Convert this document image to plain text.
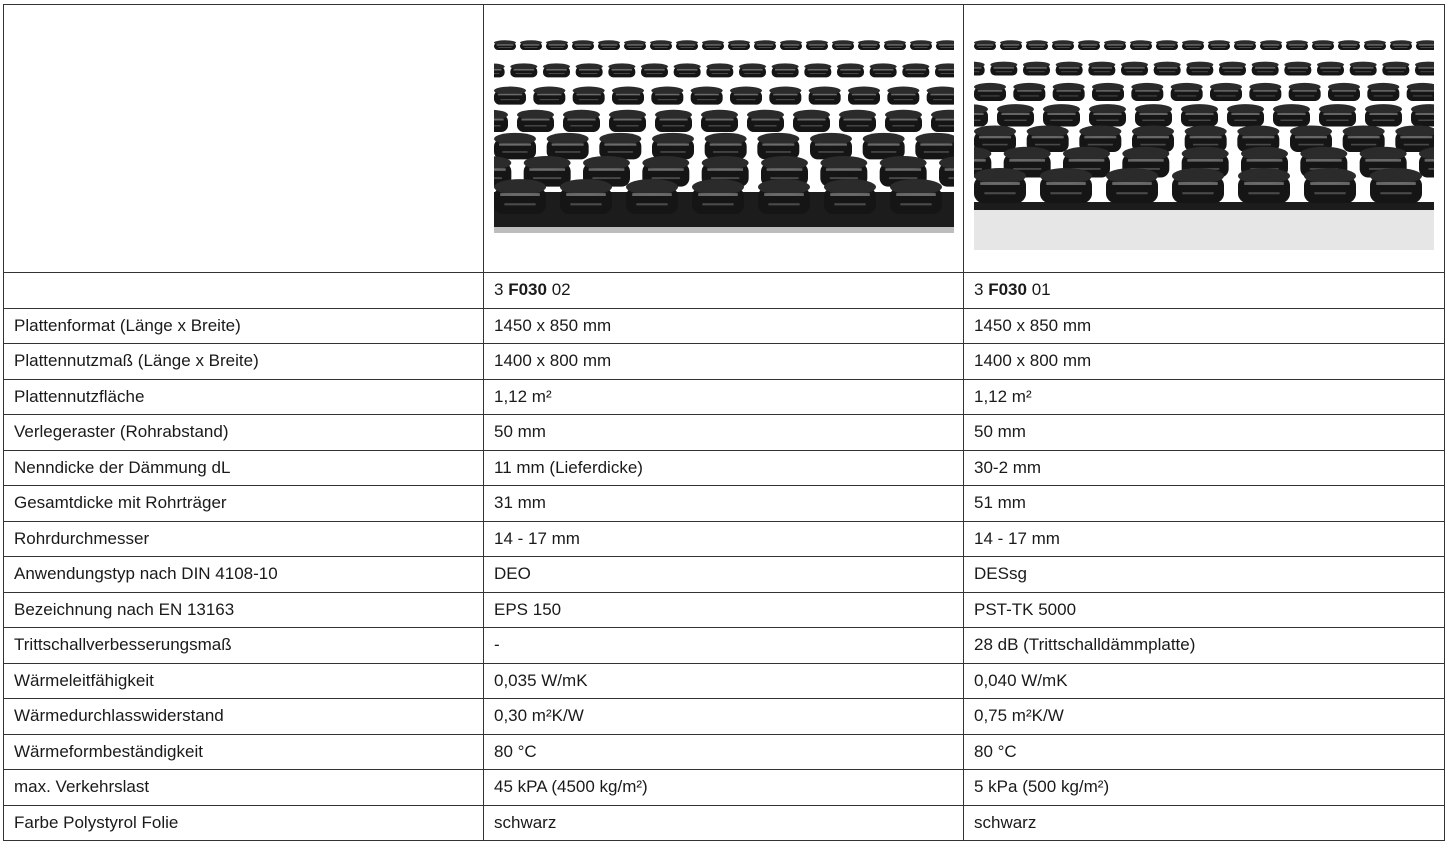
	3 F030 02	3 F030 01
Plattenformat (Länge x Breite)	1450 x 850 mm	1450 x 850 mm
Plattennutzmaß (Länge x Breite)	1400 x 800 mm	1400 x 800 mm
Plattennutzfläche	1,12 m²	1,12 m²
Verlegeraster (Rohrabstand)	50 mm	50 mm
Nenndicke der Dämmung dL	11 mm (Lieferdicke)	30-2 mm
Gesamtdicke mit Rohrträger	31 mm	51 mm
Rohrdurchmesser	14 - 17 mm	14 - 17 mm
Anwendungstyp nach DIN 4108-10	DEO	DESsg
Bezeichnung nach EN 13163	EPS 150	PST-TK 5000
Trittschallverbesserungsmaß	-	28 dB (Trittschalldämmplatte)
Wärmeleitfähigkeit	0,035 W/mK	0,040 W/mK
Wärmedurchlasswiderstand	0,30 m²K/W	0,75 m²K/W
Wärmeformbeständigkeit	80 °C	80 °C
max. Verkehrslast	45 kPA (4500 kg/m²)	5 kPa (500 kg/m²)
Farbe Polystyrol Folie	schwarz	schwarz
